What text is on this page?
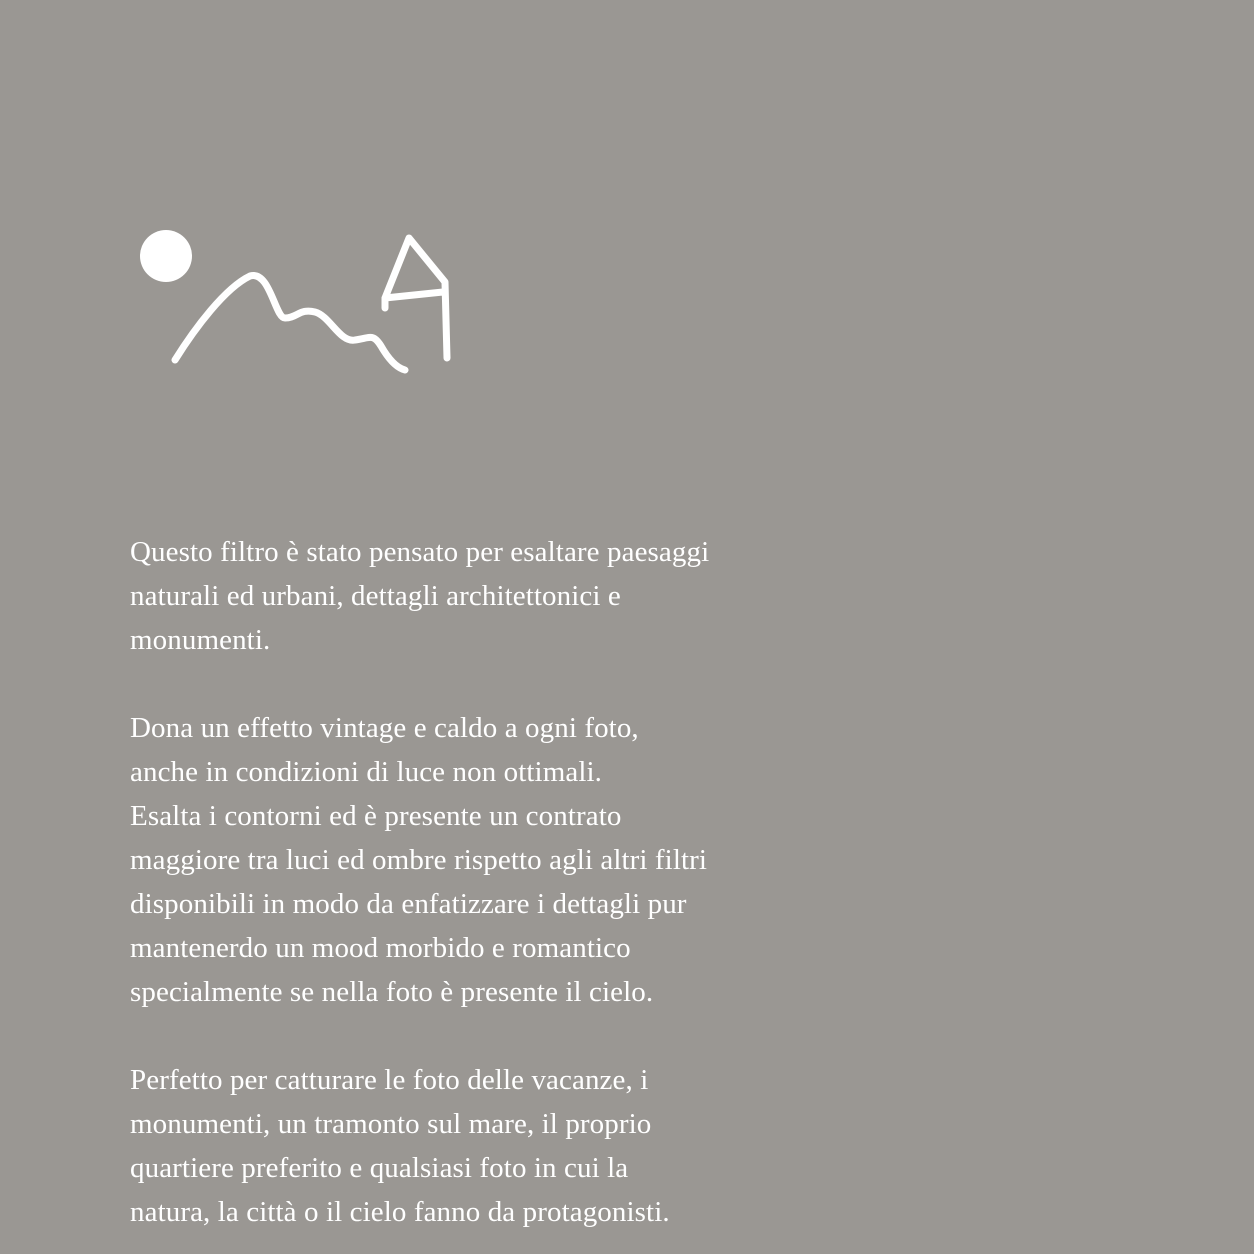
Questo filtro è stato pensato per esaltare paesaggi
naturali ed urbani, dettagli architettonici e
monumenti.

Dona un effetto vintage e caldo a ogni foto,
anche in condizioni di luce non ottimali.
Esalta i contorni ed è presente un contrato
maggiore tra luci ed ombre rispetto agli altri filtri
disponibili in modo da enfatizzare i dettagli pur
mantenerdo un mood morbido e romantico
specialmente se nella foto è presente il cielo.

Perfetto per catturare le foto delle vacanze, i
monumenti, un tramonto sul mare, il proprio
quartiere preferito e qualsiasi foto in cui la
natura, la città o il cielo fanno da protagonisti.
